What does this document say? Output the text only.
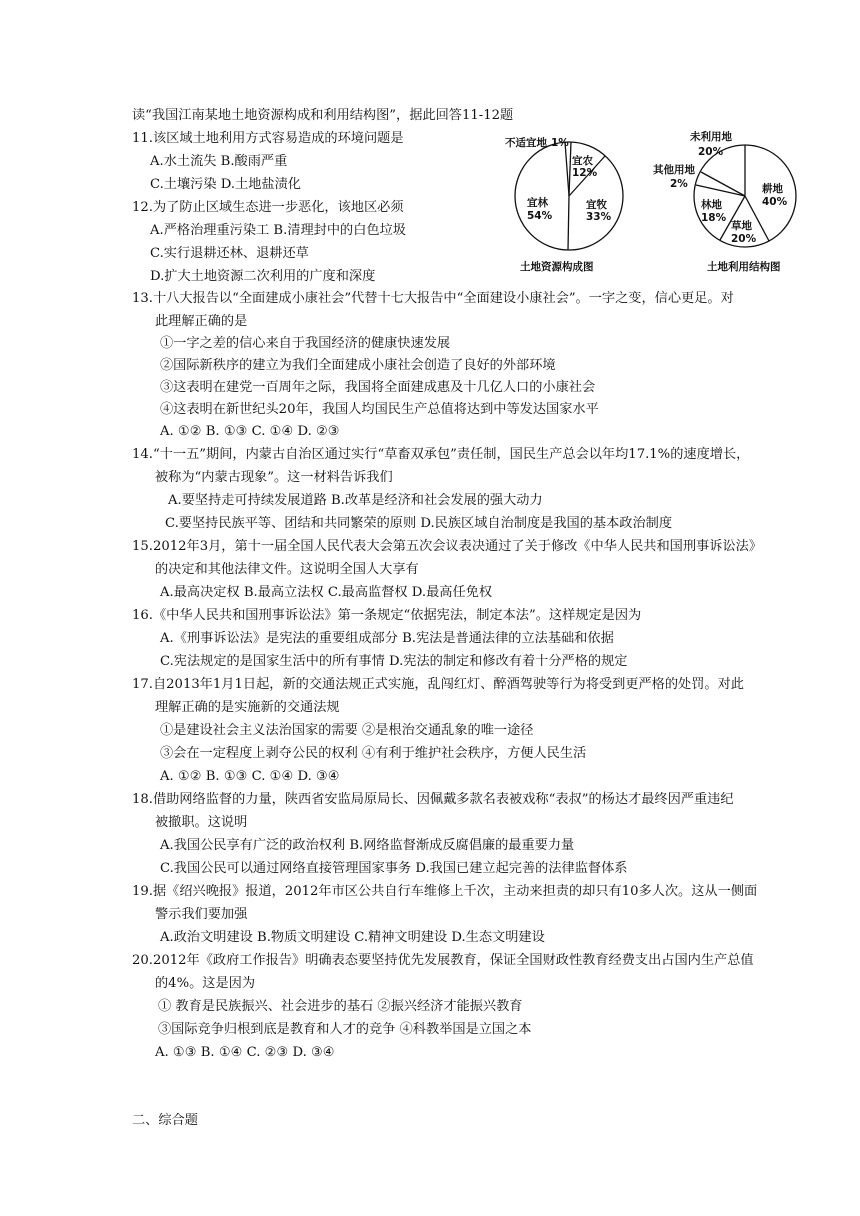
读“我国江南某地土地资源构成和利用结构图”，据此回答11-12题
11.该区域土地利用方式容易造成的环境问题是
A.水土流失 B.酸雨严重
C.土壤污染 D.土地盐渍化
12.为了防止区域生态进一步恶化，该地区必须
A.严格治理重污染工 B.清理封中的白色垃圾
C.实行退耕还林、退耕还草
D.扩大土地资源二次利用的广度和深度
13.十八大报告以“全面建成小康社会”代替十七大报告中“全面建设小康社会”。一字之变，信心更足。对
此理解正确的是
①一字之差的信心来自于我国经济的健康快速发展
②国际新秩序的建立为我们全面建成小康社会创造了良好的外部环境
③这表明在建党一百周年之际，我国将全面建成惠及十几亿人口的小康社会
④这表明在新世纪头20年，我国人均国民生产总值将达到中等发达国家水平
A. ①② B. ①③ C. ①④ D. ②③
14.“十一五”期间，内蒙古自治区通过实行“草畜双承包”责任制，国民生产总会以年均17.1%的速度增长，
被称为“内蒙古现象”。这一材料告诉我们
A.要坚持走可持续发展道路 B.改革是经济和社会发展的强大动力
C.要坚持民族平等、团结和共同繁荣的原则 D.民族区域自治制度是我国的基本政治制度
15.2012年3月，第十一届全国人民代表大会第五次会议表决通过了关于修改《中华人民共和国刑事诉讼法》
的决定和其他法律文件。这说明全国人大享有
A.最高决定权 B.最高立法权 C.最高监督权 D.最高任免权
16.《中华人民共和国刑事诉讼法》第一条规定“依据宪法，制定本法”。这样规定是因为
A.《刑事诉讼法》是宪法的重要组成部分 B.宪法是普通法律的立法基础和依据
C.宪法规定的是国家生活中的所有事情 D.宪法的制定和修改有着十分严格的规定
17.自2013年1月1日起，新的交通法规正式实施，乱闯红灯、醉酒驾驶等行为将受到更严格的处罚。对此
理解正确的是实施新的交通法规
①是建设社会主义法治国家的需要 ②是根治交通乱象的唯一途径
③会在一定程度上剥夺公民的权利 ④有利于维护社会秩序，方便人民生活
A. ①② B. ①③ C. ①④ D. ③④
18.借助网络监督的力量，陕西省安监局原局长、因佩戴多款名表被戏称“表叔”的杨达才最终因严重违纪
被撤职。这说明
A.我国公民享有广泛的政治权利 B.网络监督渐成反腐倡廉的最重要力量
C.我国公民可以通过网络直接管理国家事务 D.我国已建立起完善的法律监督体系
19.据《绍兴晚报》报道，2012年市区公共自行车维修上千次，主动来担责的却只有10多人次。这从一侧面
警示我们要加强
A.政治文明建设 B.物质文明建设 C.精神文明建设 D.生态文明建设
20.2012年《政府工作报告》明确表态要坚持优先发展教育，保证全国财政性教育经费支出占国内生产总值
的4%。这是因为
① 教育是民族振兴、社会进步的基石 ②振兴经济才能振兴教育
③国际竞争归根到底是教育和人才的竞争 ④科教举国是立国之本
A. ①③ B. ①④ C. ②③ D. ③④
二、综合题
不适宜地 1%
宜农
12%
宜牧
33%
宜林
54%
土地资源构成图
未利用地
20%
其他用地
2%	耕地
40%
草地
20%
林地
18%
土地利用结构图
